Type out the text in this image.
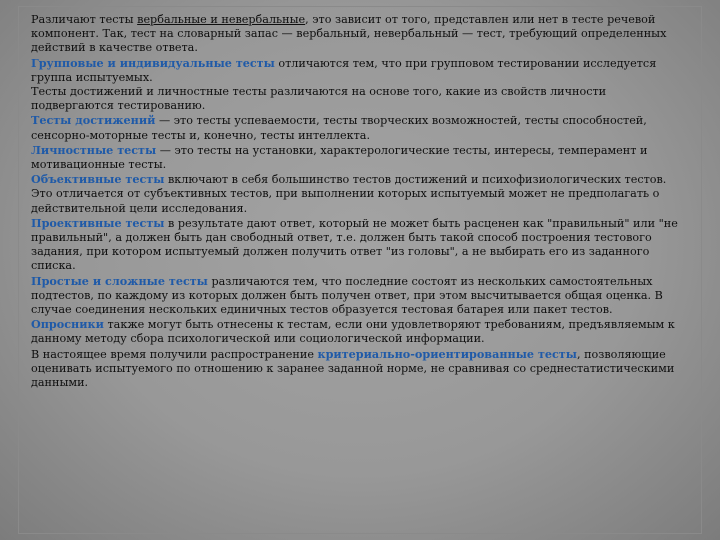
Различают тесты вербальные и невербальные, это зависит от того, представлен или нет в тесте речевой компонент. Так, тест на словарный запас — вербальный, невербальный — тест, требующий определенных действий в качестве ответа.

Групповые и индивидуальные тесты отличаются тем, что при групповом тестировании исследуется группа испытуемых.

Тесты достижений и личностные тесты различаются на основе того, какие из свойств личности подвергаются тестированию.

Тесты достижений — это тесты успеваемости, тесты творческих возможностей, тесты способностей, сенсорно-моторные тесты и, конечно, тесты интеллекта.

Личностные тесты — это тесты на установки, характерологические тесты, интересы, темперамент и мотивационные тесты.

Объективные тесты включают в себя большинство тестов достижений и психофизиологических тестов. Это отличается от субъективных тестов, при выполнении которых испытуемый может не предполагать о действительной цели исследования.

Проективные тесты в результате дают ответ, который не может быть расценен как "правильный" или "не правильный", а должен быть дан свободный ответ, т.е. должен быть такой способ построения тестового задания, при котором испытуемый должен получить ответ "из головы", а не выбирать его из заданного списка.

Простые и сложные тесты различаются тем, что последние состоят из нескольких самостоятельных подтестов, по каждому из которых должен быть получен ответ, при этом высчитывается общая оценка. В случае соединения нескольких единичных тестов образуется тестовая батарея или пакет тестов.

Опросники также могут быть отнесены к тестам, если они удовлетворяют требованиям, предъявляемым к данному методу сбора психологической или социологической информации.

В настоящее время получили распространение критериально-ориентированные тесты, позволяющие оценивать испытуемого по отношению к заранее заданной норме, не сравнивая со среднестатистическими данными.
